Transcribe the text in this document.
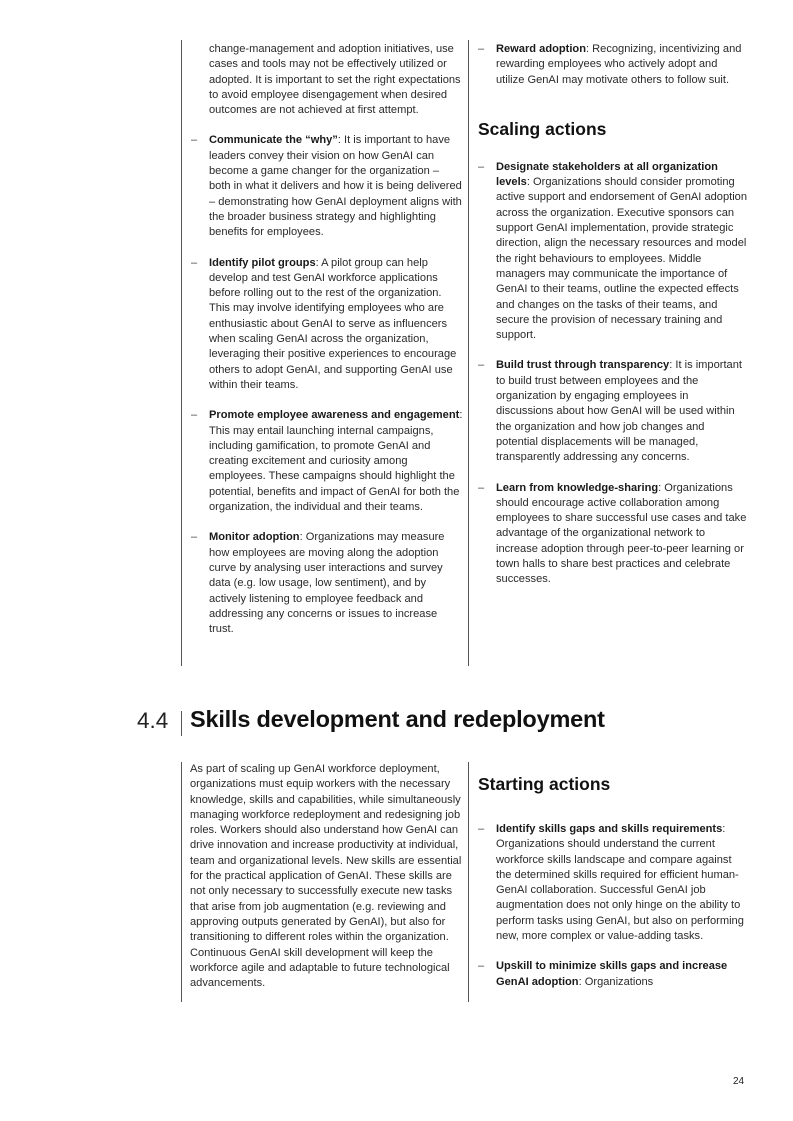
change-management and adoption initiatives, use cases and tools may not be effectively utilized or adopted. It is important to set the right expectations to avoid employee disengagement when desired outcomes are not achieved at first attempt.

– Communicate the “why”: It is important to have leaders convey their vision on how GenAI can become a game changer for the organization – both in what it delivers and how it is being delivered – demonstrating how GenAI deployment aligns with the broader business strategy and highlighting benefits for employees.
– Identify pilot groups: A pilot group can help develop and test GenAI workforce applications before rolling out to the rest of the organization. This may involve identifying employees who are enthusiastic about GenAI to serve as influencers when scaling GenAI across the organization, leveraging their positive experiences to encourage others to adopt GenAI, and supporting GenAI use within their teams.
– Promote employee awareness and engagement: This may entail launching internal campaigns, including gamification, to promote GenAI and creating excitement and curiosity among employees. These campaigns should highlight the potential, benefits and impact of GenAI for both the organization, the individual and their teams.
– Monitor adoption: Organizations may measure how employees are moving along the adoption curve by analysing user interactions and survey data (e.g. low usage, low sentiment), and by actively listening to employee feedback and addressing any concerns or issues to increase trust.
– Reward adoption: Recognizing, incentivizing and rewarding employees who actively adopt and utilize GenAI may motivate others to follow suit.
Scaling actions
– Designate stakeholders at all organization levels: Organizations should consider promoting active support and endorsement of GenAI adoption across the organization. Executive sponsors can support GenAI implementation, provide strategic direction, align the necessary resources and model the right behaviours to employees. Middle managers may communicate the importance of GenAI to their teams, outline the expected effects and changes on the tasks of their teams, and secure the provision of necessary training and support.
– Build trust through transparency: It is important to build trust between employees and the organization by engaging employees in discussions about how GenAI will be used within the organization and how job changes and potential displacements will be managed, transparently addressing any concerns.
– Learn from knowledge-sharing: Organizations should encourage active collaboration among employees to share successful use cases and take advantage of the organizational network to increase adoption through peer-to-peer learning or town halls to share best practices and celebrate successes.
4.4 Skills development and redeployment

As part of scaling up GenAI workforce deployment, organizations must equip workers with the necessary knowledge, skills and capabilities, while simultaneously managing workforce redeployment and redesigning job roles. Workers should also understand how GenAI can drive innovation and increase productivity at individual, team and organizational levels. New skills are essential for the practical application of GenAI. These skills are not only necessary to successfully execute new tasks that arise from job augmentation (e.g. reviewing and approving outputs generated by GenAI), but also for transitioning to different roles within the organization. Continuous GenAI skill development will keep the workforce agile and adaptable to future technological advancements.

Starting actions
– Identify skills gaps and skills requirements: Organizations should understand the current workforce skills landscape and compare against the determined skills required for efficient human-GenAI collaboration. Successful GenAI job augmentation does not only hinge on the ability to perform tasks using GenAI, but also on performing new, more complex or value-adding tasks.
– Upskill to minimize skills gaps and increase GenAI adoption: Organizations
24
